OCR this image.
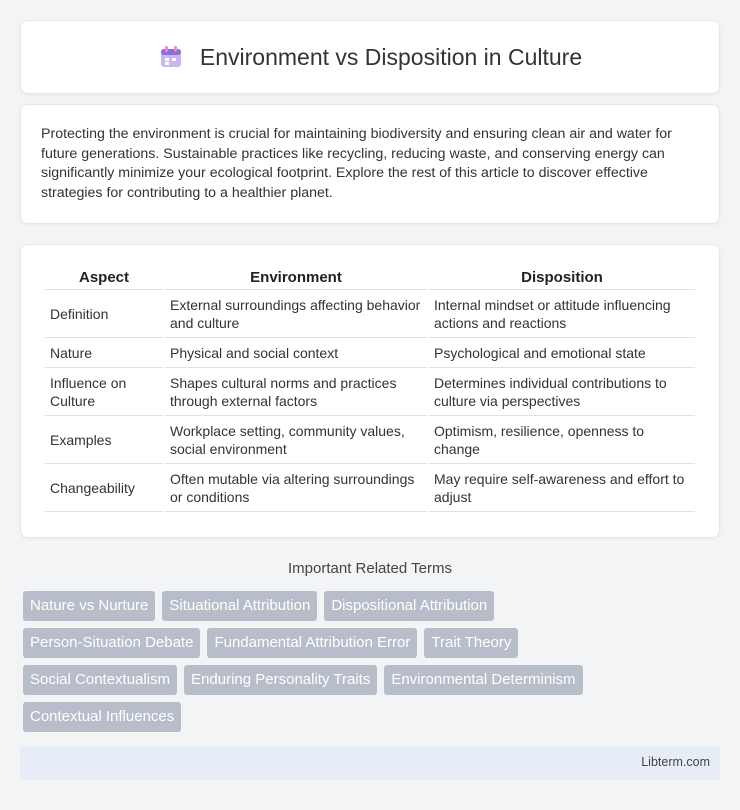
Environment vs Disposition in Culture

Protecting the environment is crucial for maintaining biodiversity and ensuring clean air and water for future generations. Sustainable practices like recycling, reducing waste, and conserving energy can significantly minimize your ecological footprint. Explore the rest of this article to discover effective strategies for contributing to a healthier planet.

Aspect	Environment	Disposition
Definition	External surroundings affecting behavior and culture	Internal mindset or attitude influencing actions and reactions
Nature	Physical and social context	Psychological and emotional state
Influence on Culture	Shapes cultural norms and practices through external factors	Determines individual contributions to culture via perspectives
Examples	Workplace setting, community values, social environment	Optimism, resilience, openness to change
Changeability	Often mutable via altering surroundings or conditions	May require self-awareness and effort to adjust
Important Related Terms
Nature vs Nurture	Situational Attribution	Dispositional Attribution
Person-Situation Debate	Fundamental Attribution Error	Trait Theory
Social Contextualism	Enduring Personality Traits	Environmental Determinism
Contextual Influences
Libterm.com
